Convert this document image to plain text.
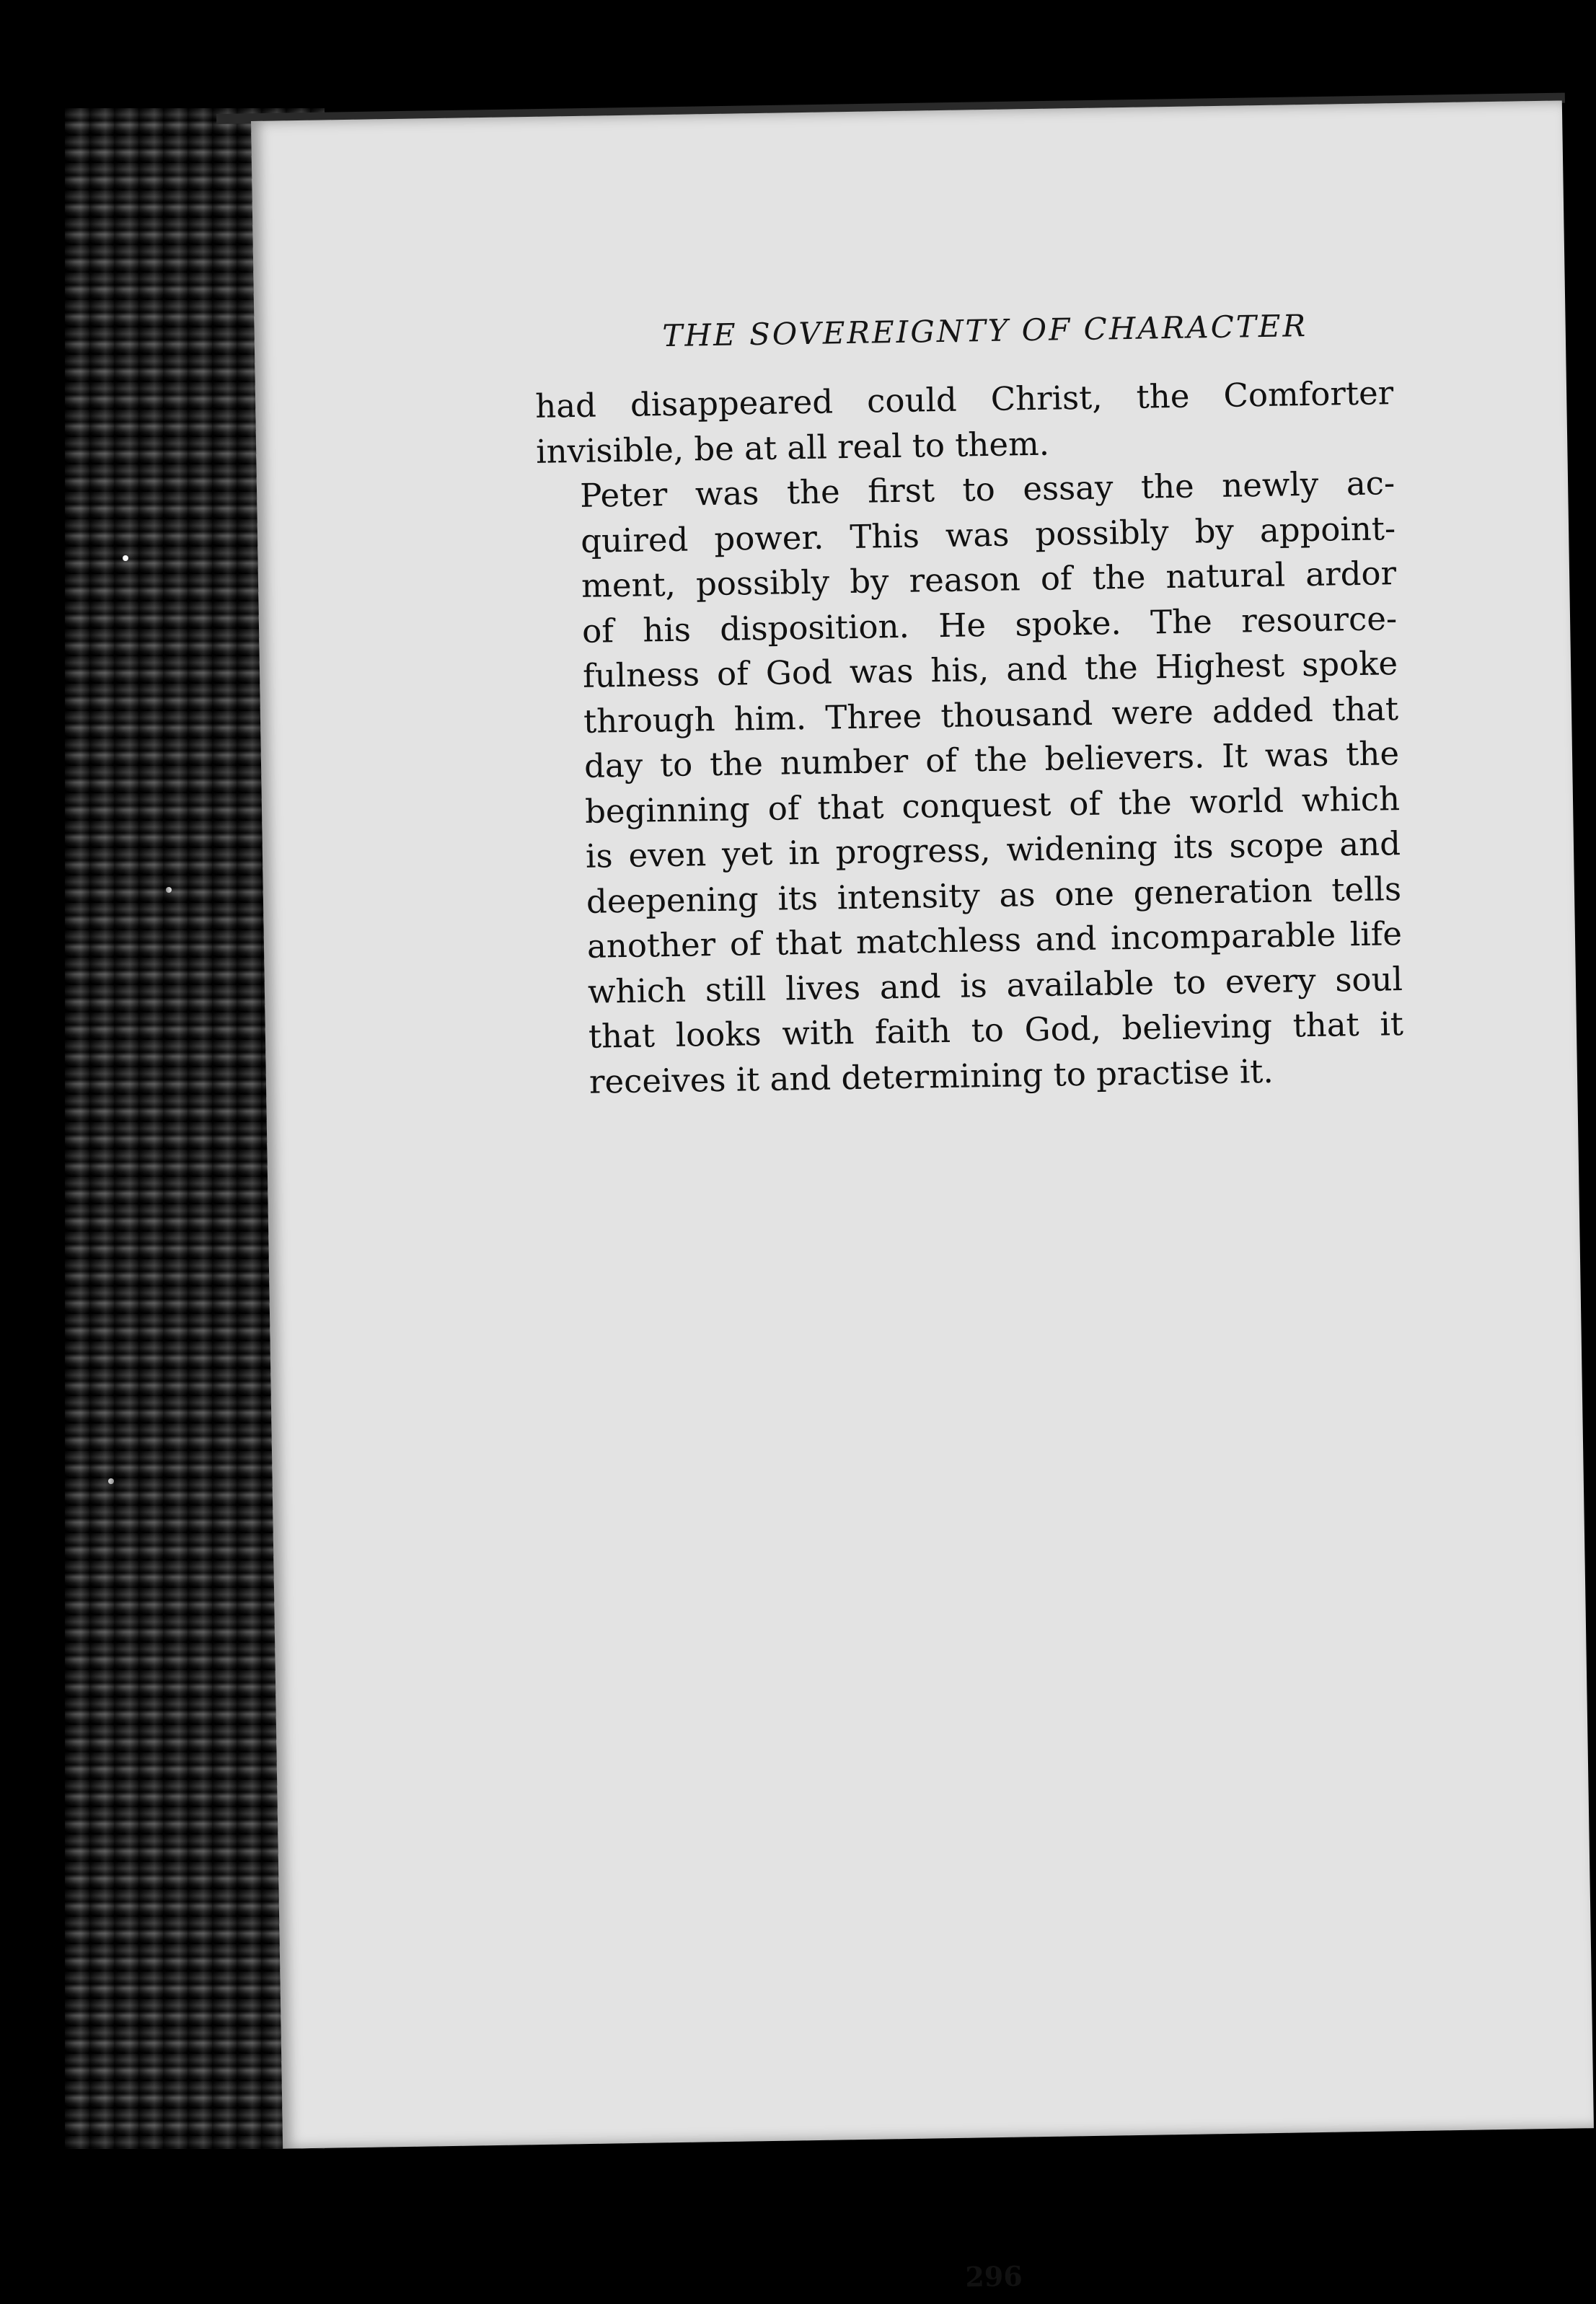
THE SOVEREIGNTY OF CHARACTER

had disappeared could Christ, the Comforter
invisible, be at all real to them.

Peter was the first to essay the newly ac-
quired power. This was possibly by appoint-
ment, possibly by reason of the natural ardor
of his disposition. He spoke. The resource-
fulness of God was his, and the Highest spoke
through him. Three thousand were added that
day to the number of the believers. It was the
beginning of that conquest of the world which
is even yet in progress, widening its scope and
deepening its intensity as one generation tells
another of that matchless and incomparable life
which still lives and is available to every soul
that looks with faith to God, believing that it
receives it and determining to practise it.

296
